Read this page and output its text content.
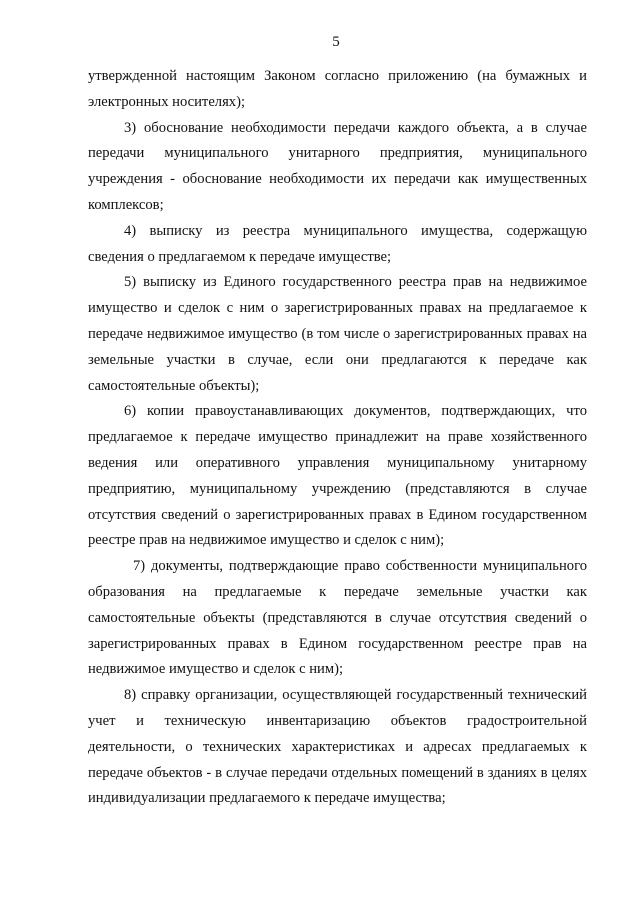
5

утвержденной настоящим Законом согласно приложению (на бумажных и электронных носителях);

3) обоснование необходимости передачи каждого объекта, а в случае передачи муниципального унитарного предприятия, муниципального учреждения - обоснование необходимости их передачи как имущественных комплексов;

4) выписку из реестра муниципального имущества, содержащую сведения о предлагаемом к передаче имуществе;

5) выписку из Единого государственного реестра прав на недвижимое имущество и сделок с ним о зарегистрированных правах на предлагаемое к передаче недвижимое имущество (в том числе о зарегистрированных правах на земельные участки в случае, если они предлагаются к передаче как самостоятельные объекты);

6) копии правоустанавливающих документов, подтверждающих, что предлагаемое к передаче имущество принадлежит на праве хозяйственного ведения или оперативного управления муниципальному унитарному предприятию, муниципальному учреждению (представляются в случае отсутствия сведений о зарегистрированных правах в Едином государственном реестре прав на недвижимое имущество и сделок с ним);

7) документы, подтверждающие право собственности муниципального образования на предлагаемые к передаче земельные участки как самостоятельные объекты (представляются в случае отсутствия сведений о зарегистрированных правах в Едином государственном реестре прав на недвижимое имущество и сделок с ним);

8) справку организации, осуществляющей государственный технический учет и техническую инвентаризацию объектов градостроительной деятельности, о технических характеристиках и адресах предлагаемых к передаче объектов - в случае передачи отдельных помещений в зданиях в целях индивидуализации предлагаемого к передаче имущества;
